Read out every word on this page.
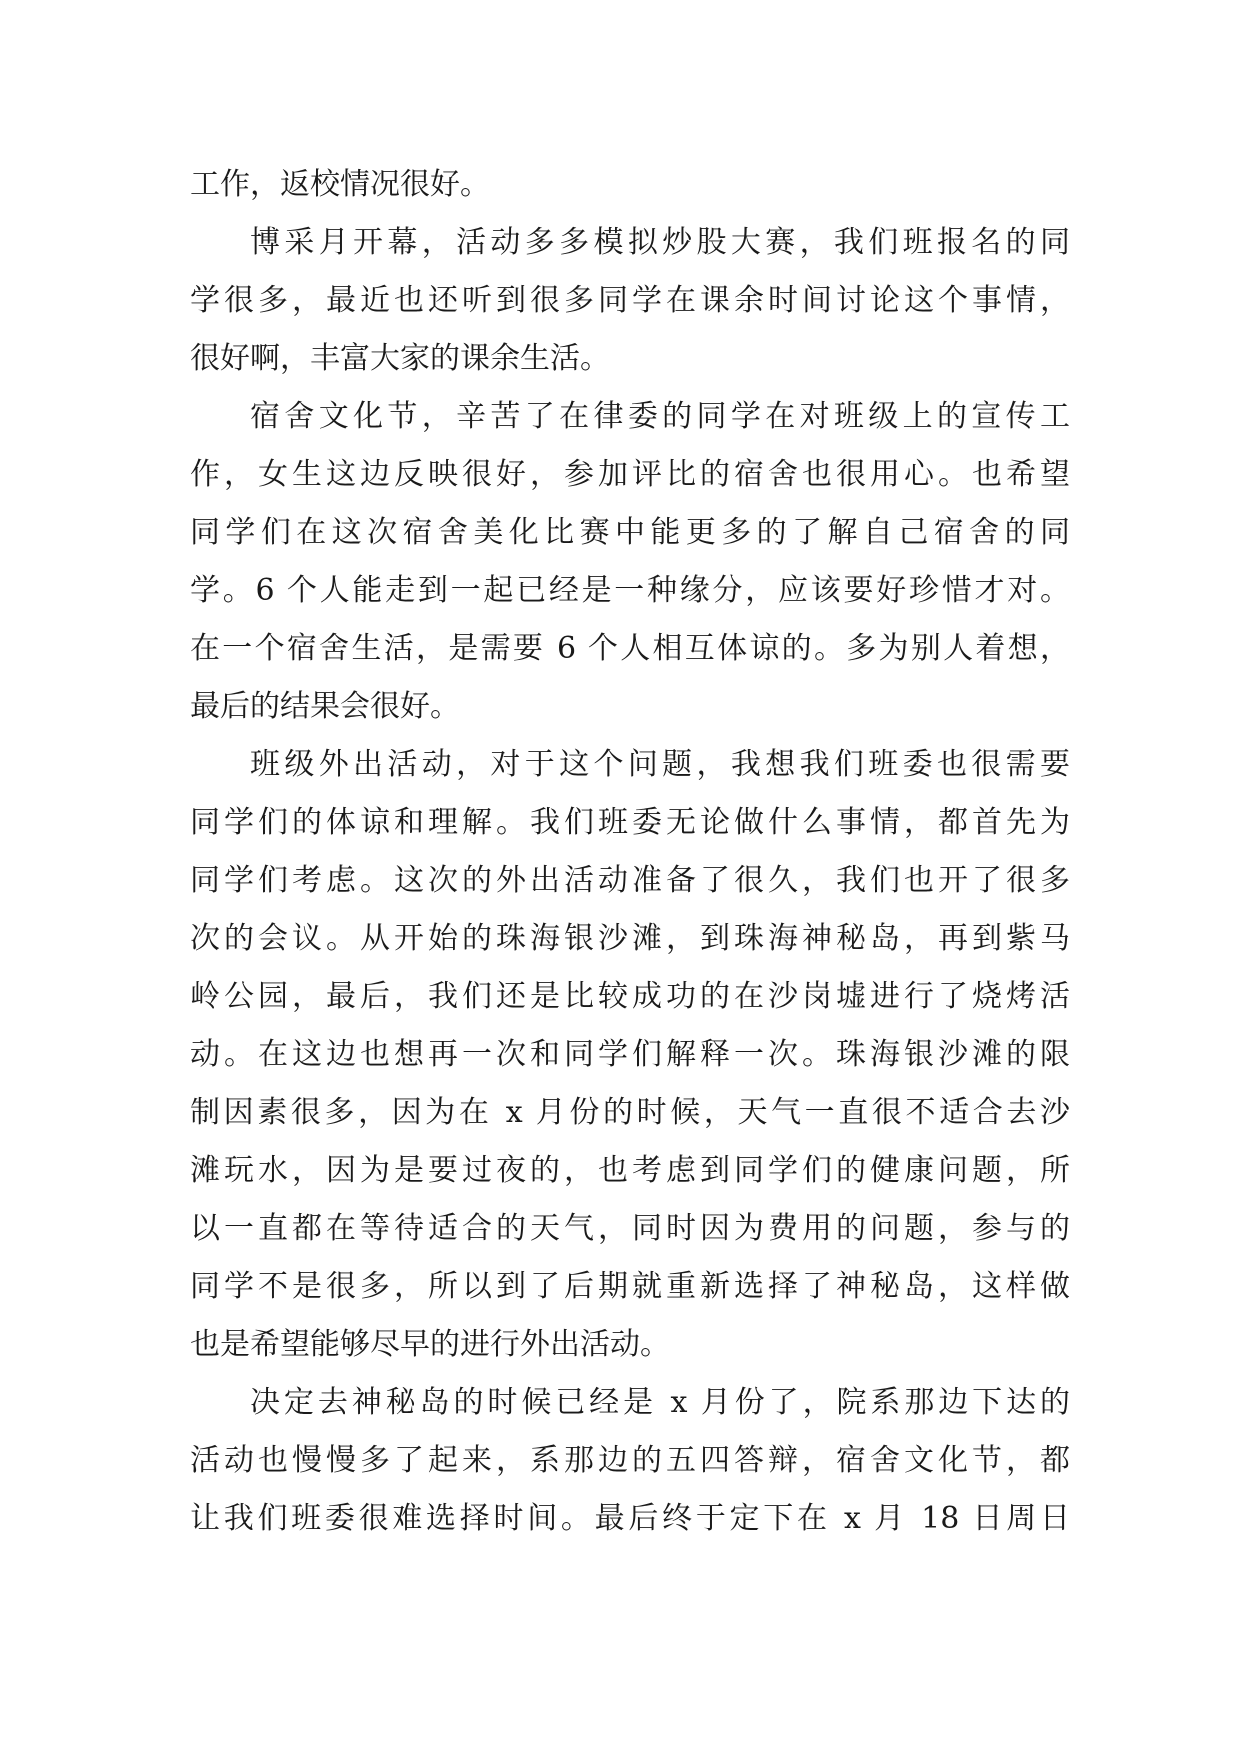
工作，返校情况很好。
博采月开幕，活动多多模拟炒股大赛，我们班报名的同
学很多，最近也还听到很多同学在课余时间讨论这个事情，
很好啊，丰富大家的课余生活。
宿舍文化节，辛苦了在律委的同学在对班级上的宣传工
作，女生这边反映很好，参加评比的宿舍也很用心。也希望
同学们在这次宿舍美化比赛中能更多的了解自己宿舍的同
学。6 个人能走到一起已经是一种缘分，应该要好珍惜才对。
在一个宿舍生活，是需要 6 个人相互体谅的。多为别人着想，
最后的结果会很好。
班级外出活动，对于这个问题，我想我们班委也很需要
同学们的体谅和理解。我们班委无论做什么事情，都首先为
同学们考虑。这次的外出活动准备了很久，我们也开了很多
次的会议。从开始的珠海银沙滩，到珠海神秘岛，再到紫马
岭公园，最后，我们还是比较成功的在沙岗墟进行了烧烤活
动。在这边也想再一次和同学们解释一次。珠海银沙滩的限
制因素很多，因为在 x 月份的时候，天气一直很不适合去沙
滩玩水，因为是要过夜的，也考虑到同学们的健康问题，所
以一直都在等待适合的天气，同时因为费用的问题，参与的
同学不是很多，所以到了后期就重新选择了神秘岛，这样做
也是希望能够尽早的进行外出活动。
决定去神秘岛的时候已经是 x 月份了，院系那边下达的
活动也慢慢多了起来，系那边的五四答辩，宿舍文化节，都
让我们班委很难选择时间。最后终于定下在 x 月 18 日周日
